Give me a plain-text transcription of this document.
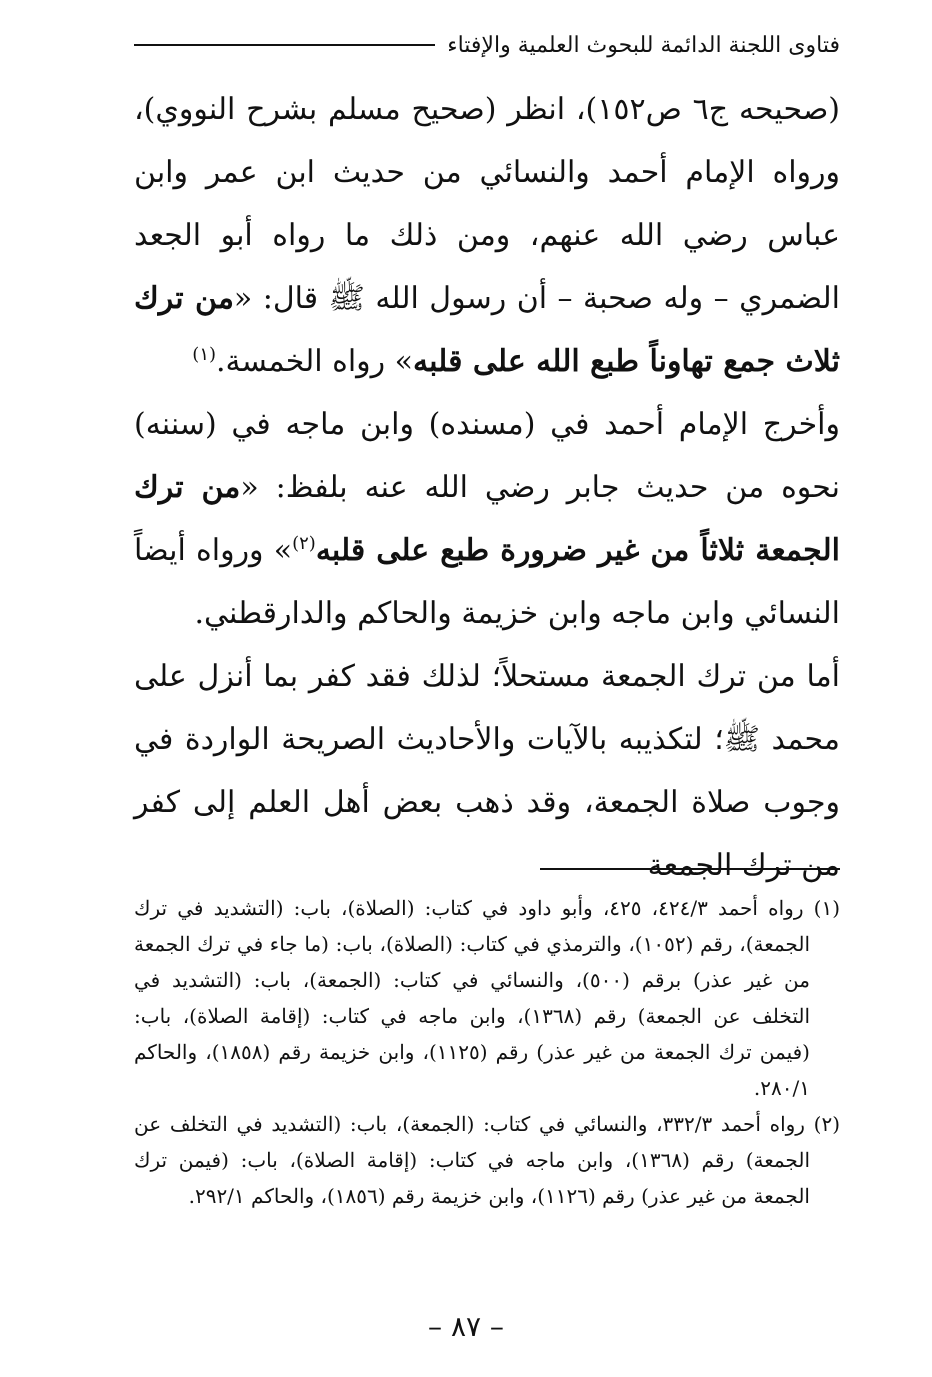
فتاوى اللجنة الدائمة للبحوث العلمية والإفتاء

(صحيحه ج٦ ص١٥٢)، انظر (صحيح مسلم بشرح النووي)، ورواه الإمام أحمد والنسائي من حديث ابن عمر وابن عباس رضي الله عنهم، ومن ذلك ما رواه أبو الجعد الضمري – وله صحبة – أن رسول الله ﷺ قال: «من ترك ثلاث جمع تهاوناً طبع الله على قلبه» رواه الخمسة.$^{(١)}$

وأخرج الإمام أحمد في (مسنده) وابن ماجه في (سننه) نحوه من حديث جابر رضي الله عنه بلفظ: «من ترك الجمعة ثلاثاً من غير ضرورة طبع على قلبه$^{(٢)}$» ورواه أيضاً النسائي وابن ماجه وابن خزيمة والحاكم والدارقطني.

أما من ترك الجمعة مستحلاً؛ لذلك فقد كفر بما أنزل على محمد ﷺ؛ لتكذيبه بالآيات والأحاديث الصريحة الواردة في وجوب صلاة الجمعة، وقد ذهب بعض أهل العلم إلى كفر من ترك الجمعة

(١) رواه أحمد ٤٢٤/٣، ٤٢٥، وأبو داود في كتاب: (الصلاة)، باب: (التشديد في ترك الجمعة)، رقم (١٠٥٢)، والترمذي في كتاب: (الصلاة)، باب: (ما جاء في ترك الجمعة من غير عذر) برقم (٥٠٠)، والنسائي في كتاب: (الجمعة)، باب: (التشديد في التخلف عن الجمعة) رقم (١٣٦٨)، وابن ماجه في كتاب: (إقامة الصلاة)، باب: (فيمن ترك الجمعة من غير عذر) رقم (١١٢٥)، وابن خزيمة رقم (١٨٥٨)، والحاكم ٢٨٠/١.

(٢) رواه أحمد ٣٣٢/٣، والنسائي في كتاب: (الجمعة)، باب: (التشديد في التخلف عن الجمعة) رقم (١٣٦٨)، وابن ماجه في كتاب: (إقامة الصلاة)، باب: (فيمن ترك الجمعة من غير عذر) رقم (١١٢٦)، وابن خزيمة رقم (١٨٥٦)، والحاكم ٢٩٢/١.

– ٨٧ –
